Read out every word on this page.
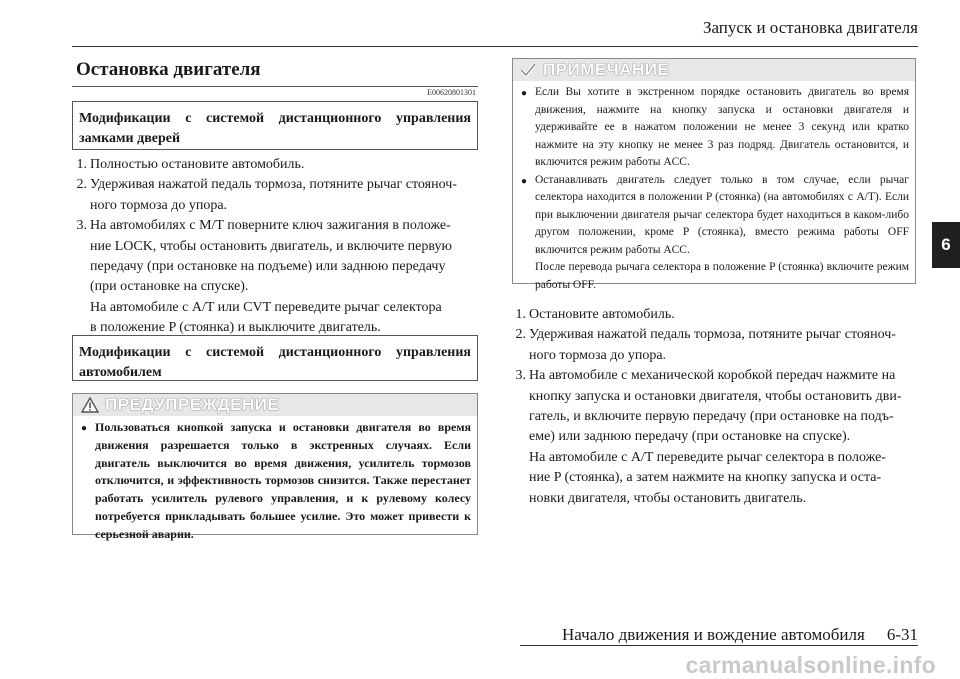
Запуск и остановка двигателя
6
Остановка двигателя
E00620801301
Модификации с системой дистанционного управления замками дверей
1. Полностью остановите автомобиль.
2. Удерживая нажатой педаль тормоза, потяните рычаг стояноч-
ного тормоза до упора.
3. На автомобилях с M/T поверните ключ зажигания в положе-
ние LOCK, чтобы остановить двигатель, и включите первую
передачу (при остановке на подъеме) или заднюю передачу
(при остановке на спуске).
На автомобиле с A/T или CVT переведите рычаг селектора
в положение P (стоянка) и выключите двигатель.
Модификации с системой дистанционного управления автомобилем
ПРЕДУПРЕЖДЕНИЕ
● Пользоваться кнопкой запуска и остановки двигателя во время движения разрешается только в экстренных случаях. Если двигатель выключится во время движения, усилитель тормозов отключится, и эффективность тормозов снизится. Также перестанет работать усилитель рулевого управления, и к рулевому колесу потребуется прикладывать большее усилие. Это может привести к серьезной аварии.
ПРИМЕЧАНИЕ
● Если Вы хотите в экстренном порядке остановить двигатель во время движения, нажмите на кнопку запуска и остановки двигателя и удерживайте ее в нажатом положении не менее 3 секунд или кратко нажмите на эту кнопку не менее 3 раз подряд. Двигатель остановится, и включится режим работы ACC.
● Останавливать двигатель следует только в том случае, если рычаг селектора находится в положении P (стоянка) (на автомобилях с A/T). Если при выключении двигателя рычаг селектора будет находиться в каком-либо другом положении, кроме P (стоянка), вместо режима работы OFF включится режим работы ACC.
После перевода рычага селектора в положение P (стоянка) включите режим работы OFF.
1. Остановите автомобиль.
2. Удерживая нажатой педаль тормоза, потяните рычаг стояноч-
ного тормоза до упора.
3. На автомобиле с механической коробкой передач нажмите на
кнопку запуска и остановки двигателя, чтобы остановить дви-
гатель, и включите первую передачу (при остановке на подъ-
еме) или заднюю передачу (при остановке на спуске).
На автомобиле с A/T переведите рычаг селектора в положе-
ние P (стоянка), а затем нажмите на кнопку запуска и оста-
новки двигателя, чтобы остановить двигатель.
Начало движения и вождение автомобиля 6-31
carmanualsonline.info
